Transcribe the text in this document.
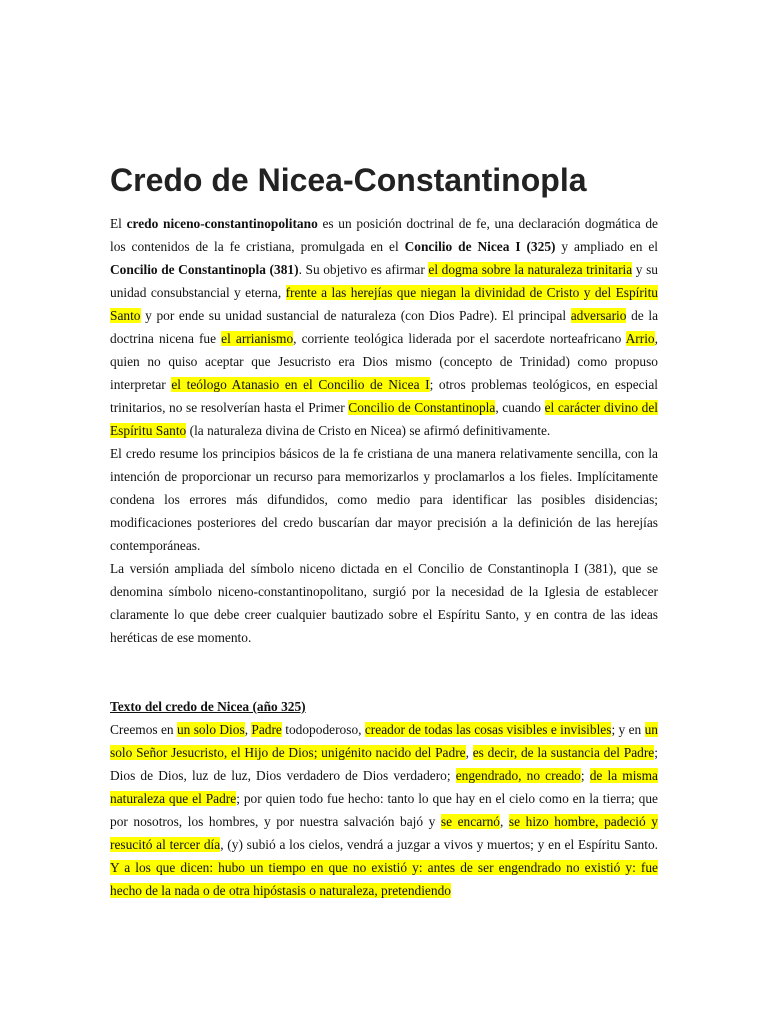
Credo de Nicea-Constantinopla

El credo niceno-constantinopolitano es un posición doctrinal de fe, una declaración dogmática de los contenidos de la fe cristiana, promulgada en el Concilio de Nicea I (325) y ampliado en el Concilio de Constantinopla (381). Su objetivo es afirmar el dogma sobre la naturaleza trinitaria y su unidad consubstancial y eterna, frente a las herejías que niegan la divinidad de Cristo y del Espíritu Santo y por ende su unidad sustancial de naturaleza (con Dios Padre). El principal adversario de la doctrina nicena fue el arrianismo, corriente teológica liderada por el sacerdote norteafricano Arrio, quien no quiso aceptar que Jesucristo era Dios mismo (concepto de Trinidad) como propuso interpretar el teólogo Atanasio en el Concilio de Nicea I; otros problemas teológicos, en especial trinitarios, no se resolverían hasta el Primer Concilio de Constantinopla, cuando el carácter divino del Espíritu Santo (la naturaleza divina de Cristo en Nicea) se afirmó definitivamente.

El credo resume los principios básicos de la fe cristiana de una manera relativamente sencilla, con la intención de proporcionar un recurso para memorizarlos y proclamarlos a los fieles. Implícitamente condena los errores más difundidos, como medio para identificar las posibles disidencias; modificaciones posteriores del credo buscarían dar mayor precisión a la definición de las herejías contemporáneas.

La versión ampliada del símbolo niceno dictada en el Concilio de Constantinopla I (381), que se denomina símbolo niceno-constantinopolitano, surgió por la necesidad de la Iglesia de establecer claramente lo que debe creer cualquier bautizado sobre el Espíritu Santo, y en contra de las ideas heréticas de ese momento.

Texto del credo de Nicea (año 325)

Creemos en un solo Dios, Padre todopoderoso, creador de todas las cosas visibles e invisibles; y en un solo Señor Jesucristo, el Hijo de Dios; unigénito nacido del Padre, es decir, de la sustancia del Padre; Dios de Dios, luz de luz, Dios verdadero de Dios verdadero; engendrado, no creado; de la misma naturaleza que el Padre; por quien todo fue hecho: tanto lo que hay en el cielo como en la tierra; que por nosotros, los hombres, y por nuestra salvación bajó y se encarnó, se hizo hombre, padeció y resucitó al tercer día, (y) subió a los cielos, vendrá a juzgar a vivos y muertos; y en el Espíritu Santo. Y a los que dicen: hubo un tiempo en que no existió y: antes de ser engendrado no existió y: fue hecho de la nada o de otra hipóstasis o naturaleza, pretendiendo
